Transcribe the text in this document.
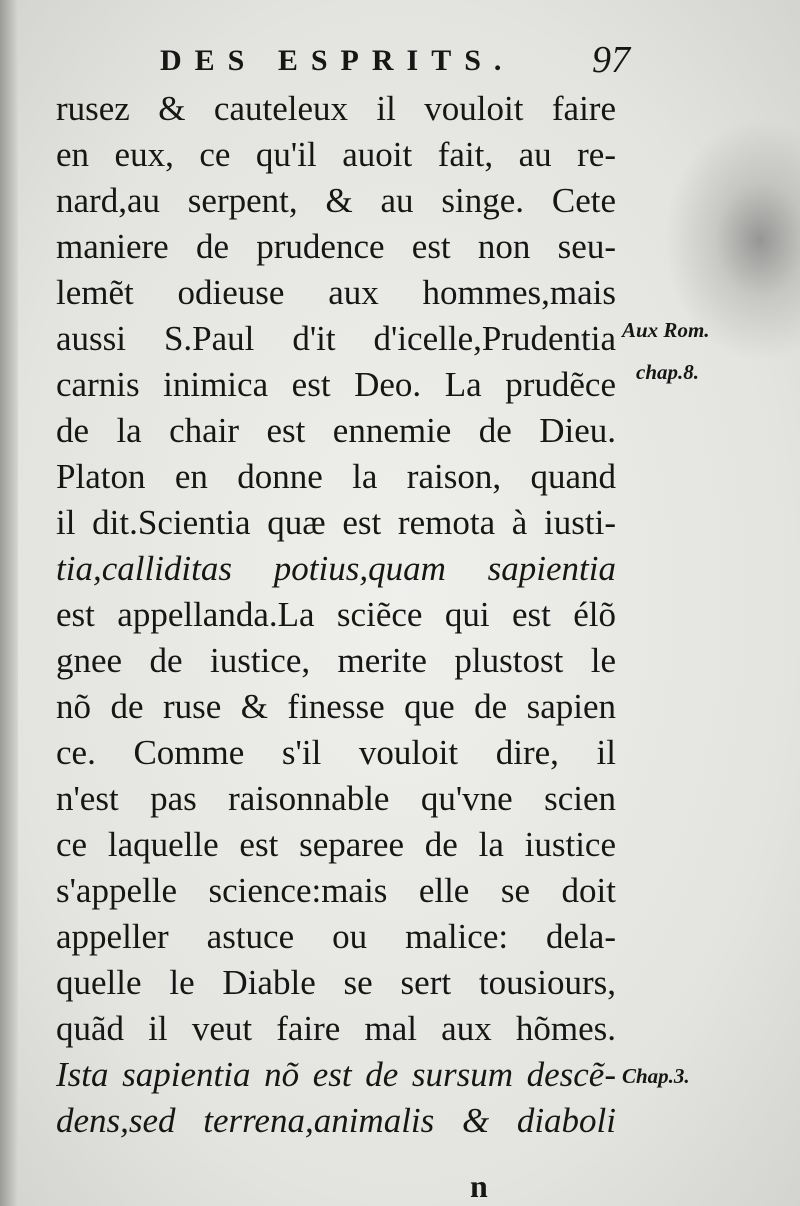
DES ESPRITS. 97
rusez & cauteleux il vouloit faire
en eux, ce qu'il auoit fait, au re-
nard,au serpent, & au singe. Cete
maniere de prudence est non seu-
lemẽt odieuse aux hommes,mais
aussi S.Paul d'it d'icelle,Prudentia
carnis inimica est Deo. La prudẽce
de la chair est ennemie de Dieu.
Platon en donne la raison, quand
il dit.Scientia quæ est remota à iusti-
tia,calliditas potius,quam sapientia
est appellanda.La sciẽce qui est élõ
gnee de iustice, merite plustost le
nõ de ruse & finesse que de sapien
ce. Comme s'il vouloit dire, il
n'est pas raisonnable qu'vne scien
ce laquelle est separee de la iustice
s'appelle science:mais elle se doit
appeller astuce ou malice: dela-
quelle le Diable se sert tousiours,
quãd il veut faire mal aux hõmes.
Ista sapientia nõ est de sursum descẽ-
dens,sed terrena,animalis & diaboli
Aux Rom.
chap.8.
Chap.3.
n
